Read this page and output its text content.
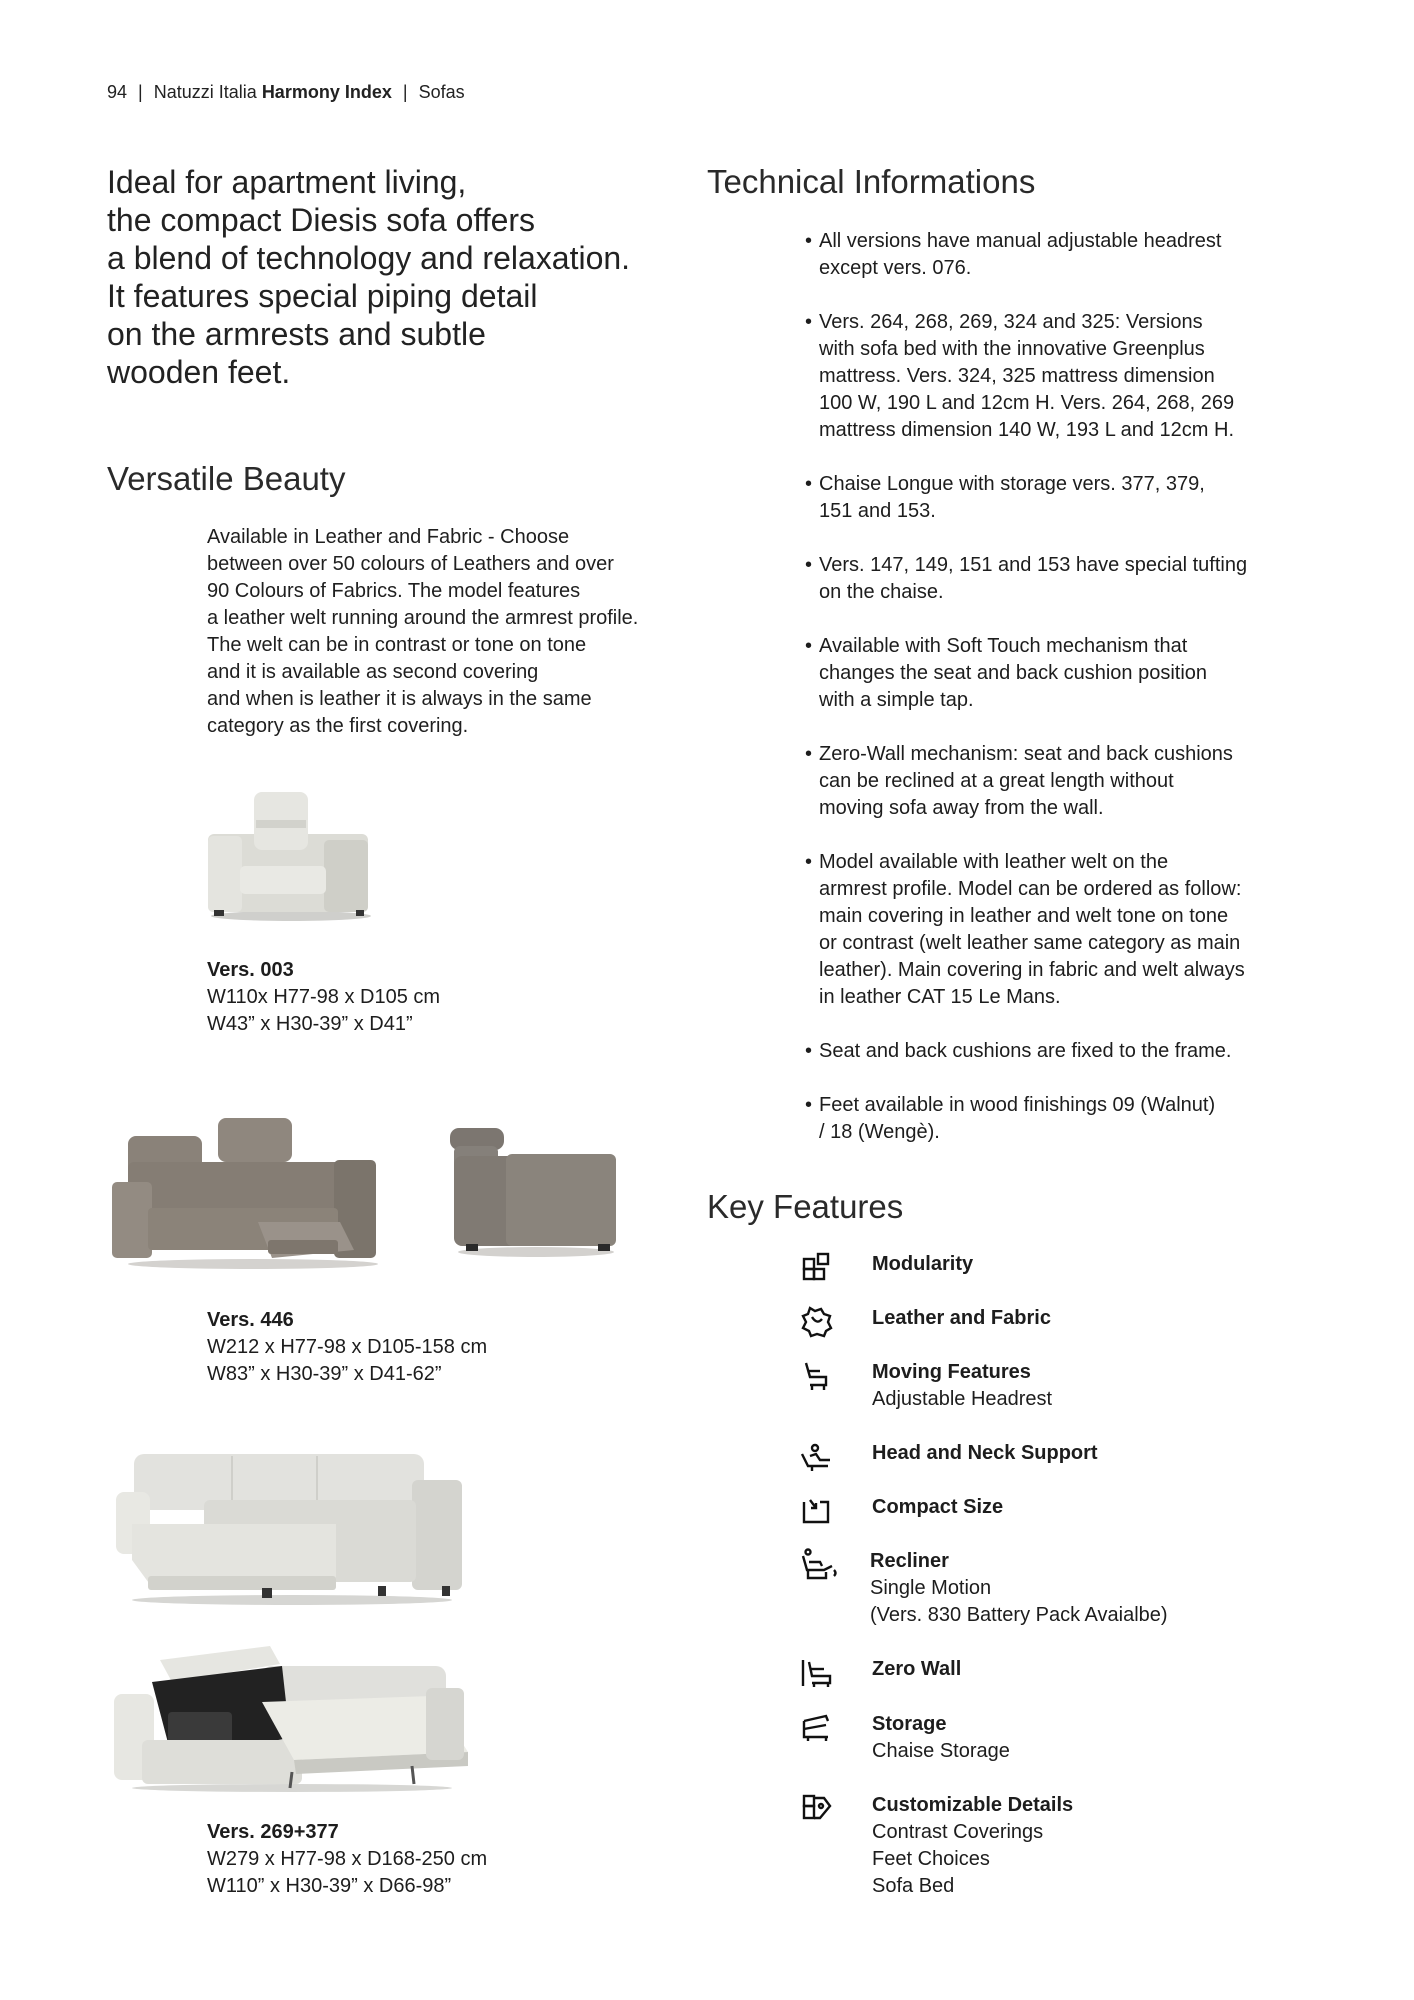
94 | Natuzzi Italia Harmony Index | Sofas
Ideal for apartment living,
the compact Diesis sofa offers
a blend of technology and relaxation.
It features special piping detail
on the armrests and subtle
wooden feet.
Versatile Beauty
Available in Leather and Fabric - Choose
between over 50 colours of Leathers and over
90 Colours of Fabrics. The model features
a leather welt running around the armrest profile.
The welt can be in contrast or tone on tone
and it is available as second covering
and when is leather it is always in the same
category as the first covering.
Vers. 003
W110x H77-98 x D105 cm
W43” x H30-39” x D41”
Vers. 446
W212 x H77-98 x D105-158 cm
W83” x H30-39” x D41-62”
Vers. 269+377
W279 x H77-98 x D168-250 cm
W110” x H30-39” x D66-98”
Technical Informations
• All versions have manual adjustable headrest
except vers. 076.
• Vers. 264, 268, 269, 324 and 325: Versions
with sofa bed with the innovative Greenplus
mattress. Vers. 324, 325 mattress dimension
100 W, 190 L and 12cm H. Vers. 264, 268, 269
mattress dimension 140 W, 193 L and 12cm H.
• Chaise Longue with storage vers. 377, 379,
151 and 153.
• Vers. 147, 149, 151 and 153 have special tufting
on the chaise.
• Available with Soft Touch mechanism that
changes the seat and back cushion position
with a simple tap.
• Zero-Wall mechanism: seat and back cushions
can be reclined at a great length without
moving sofa away from the wall.
• Model available with leather welt on the
armrest profile. Model can be ordered as follow:
main covering in leather and welt tone on tone
or contrast (welt leather same category as main
leather). Main covering in fabric and welt always
in leather CAT 15 Le Mans.
• Seat and back cushions are fixed to the frame.
• Feet available in wood finishings 09 (Walnut)
/ 18 (Wengè).
Key Features
Modularity
Leather and Fabric
Moving Features
Adjustable Headrest
Head and Neck Support
Compact Size
Recliner
Single Motion
(Vers. 830 Battery Pack Avaialbe)
Zero Wall
Storage
Chaise Storage
Customizable Details
Contrast Coverings
Feet Choices
Sofa Bed
